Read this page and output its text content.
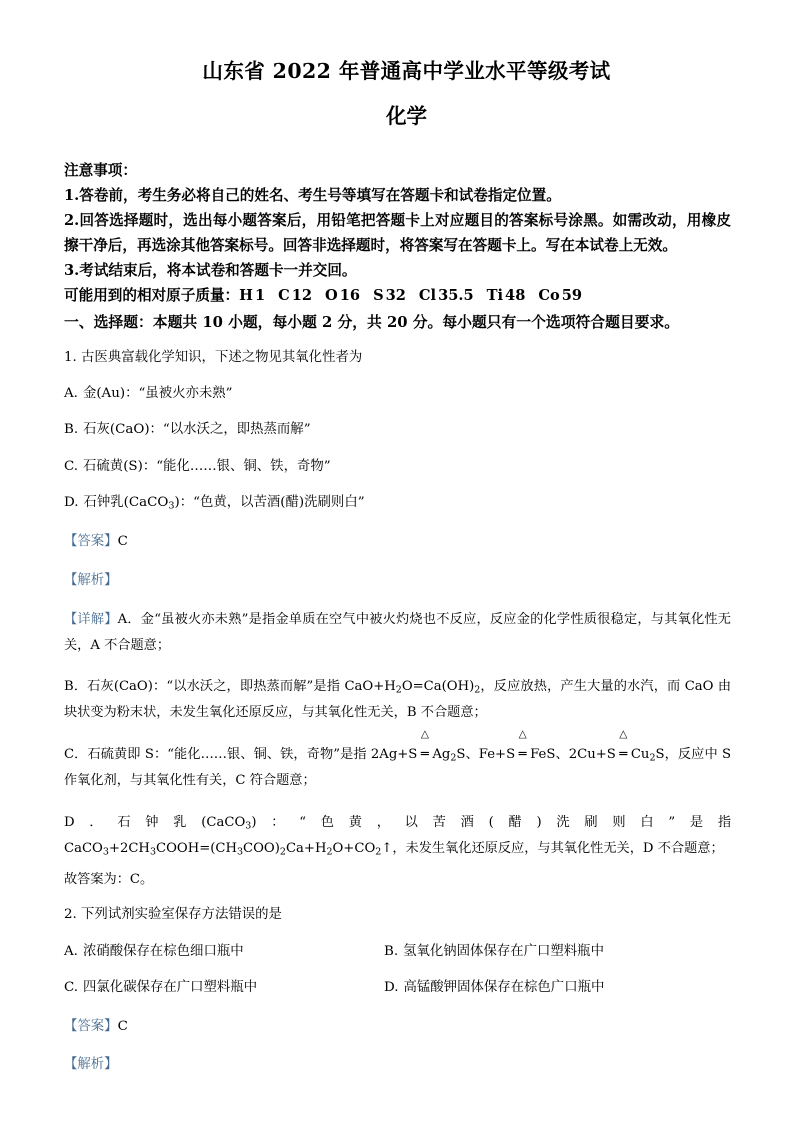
山东省 2022 年普通高中学业水平等级考试
化学
注意事项：
1.答卷前，考生务必将自己的姓名、考生号等填写在答题卡和试卷指定位置。
2.回答选择题时，选出每小题答案后，用铅笔把答题卡上对应题目的答案标号涂黑。如需改动，用橡皮擦干净后，再选涂其他答案标号。回答非选择题时，将答案写在答题卡上。写在本试卷上无效。
3.考试结束后，将本试卷和答题卡一并交回。
可能用到的相对原子质量：H 1 C 12 O 16 S 32 Cl 35.5 Ti 48 Co 59
一、选择题：本题共 10 小题，每小题 2 分，共 20 分。每小题只有一个选项符合题目要求。
1. 古医典富载化学知识，下述之物见其氧化性者为
A. 金(Au)：“虽被火亦未熟”
B. 石灰(CaO)：“以水沃之，即热蒸而解”
C. 石硫黄(S)：“能化……银、铜、铁，奇物”
D. 石钟乳(CaCO$_3$)：“色黄，以苦酒(醋)洗刷则白”
【答案】C
【解析】
【详解】A．金“虽被火亦未熟”是指金单质在空气中被火灼烧也不反应，反应金的化学性质很稳定，与其氧化性无关，A 不合题意；
B．石灰(CaO)：“以水沃之，即热蒸而解”是指 $CaO+H_2O=Ca(OH)_2$，反应放热，产生大量的水汽，而 CaO 由块状变为粉末状，未发生氧化还原反应，与其氧化性无关，B 不合题意；
C．石硫黄即 S：“能化……银、铜、铁，奇物”是指 2Ag+S
△
═ $Ag_2S$、Fe+S
△
═ FeS、2Cu+S
△
═ $Cu_2S$，反应中 S 作氧化剂，与其氧化性有关，C 符合题意；
D．石钟乳(CaCO$_3$)：“色黄，以苦酒(醋)洗刷则白”是指 $CaCO_3+2CH_3COOH=(CH_3COO)_2Ca+H_2O+CO_2↑$，未发生氧化还原反应，与其氧化性无关，D 不合题意；
故答案为：C。
2. 下列试剂实验室保存方法错误的是
A. 浓硝酸保存在棕色细口瓶中	B. 氢氧化钠固体保存在广口塑料瓶中
C. 四氯化碳保存在广口塑料瓶中	D. 高锰酸钾固体保存在棕色广口瓶中
【答案】C
【解析】
